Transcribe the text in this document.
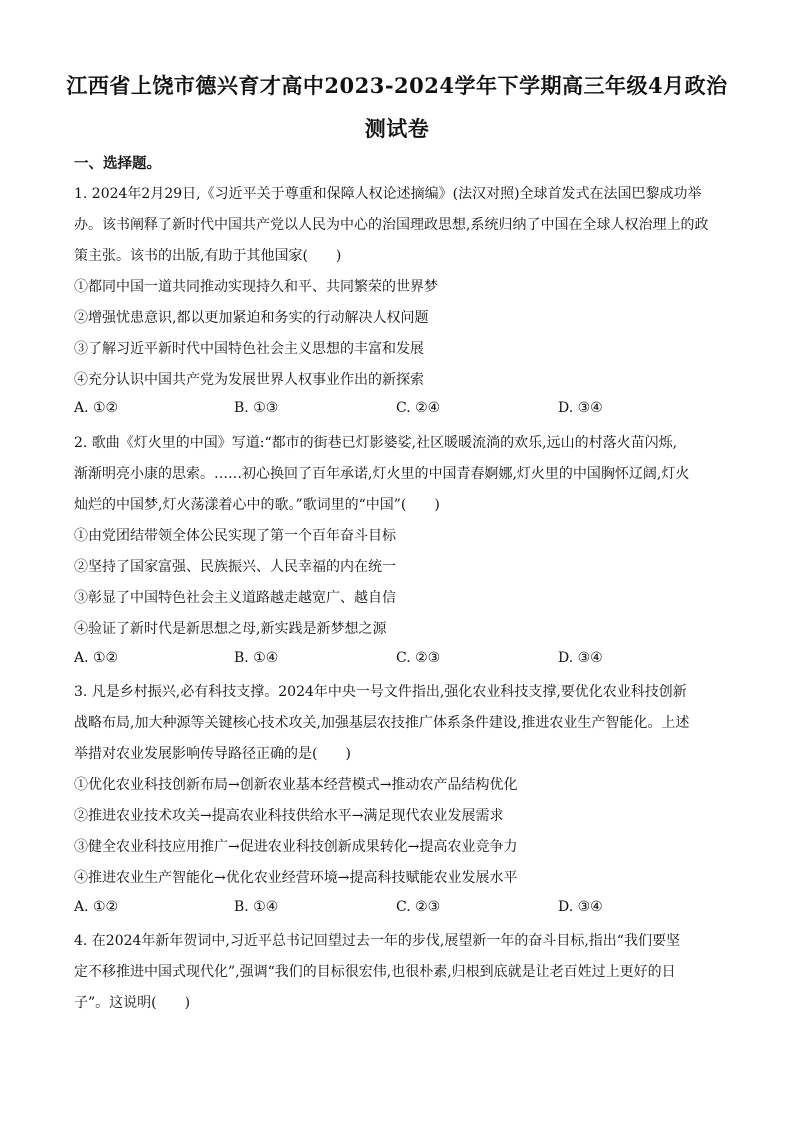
江西省上饶市德兴育才高中2023-2024学年下学期高三年级4月政治
测试卷
一、选择题。
1. 2024年2月29日,《习近平关于尊重和保障人权论述摘编》(法汉对照)全球首发式在法国巴黎成功举
办。该书阐释了新时代中国共产党以人民为中心的治国理政思想,系统归纳了中国在全球人权治理上的政
策主张。该书的出版,有助于其他国家(　　)
①都同中国一道共同推动实现持久和平、共同繁荣的世界梦
②增强忧患意识,都以更加紧迫和务实的行动解决人权问题
③了解习近平新时代中国特色社会主义思想的丰富和发展
④充分认识中国共产党为发展世界人权事业作出的新探索
A. ①②	B. ①③	C. ②④	D. ③④
2. 歌曲《灯火里的中国》写道:“都市的街巷已灯影婆娑,社区暖暖流淌的欢乐,远山的村落火苗闪烁,
渐渐明亮小康的思索。……初心换回了百年承诺,灯火里的中国青春婀娜,灯火里的中国胸怀辽阔,灯火
灿烂的中国梦,灯火荡漾着心中的歌。”歌词里的“中国”(　　)
①由党团结带领全体公民实现了第一个百年奋斗目标
②坚持了国家富强、民族振兴、人民幸福的内在统一
③彰显了中国特色社会主义道路越走越宽广、越自信
④验证了新时代是新思想之母,新实践是新梦想之源
A. ①②	B. ①④	C. ②③	D. ③④
3. 凡是乡村振兴,必有科技支撑。2024年中央一号文件指出,强化农业科技支撑,要优化农业科技创新
战略布局,加大种源等关键核心技术攻关,加强基层农技推广体系条件建设,推进农业生产智能化。上述
举措对农业发展影响传导路径正确的是(　　)
①优化农业科技创新布局→创新农业基本经营模式→推动农产品结构优化
②推进农业技术攻关→提高农业科技供给水平→满足现代农业发展需求
③健全农业科技应用推广→促进农业科技创新成果转化→提高农业竞争力
④推进农业生产智能化→优化农业经营环境→提高科技赋能农业发展水平
A. ①②	B. ①④	C. ②③	D. ③④
4. 在2024年新年贺词中,习近平总书记回望过去一年的步伐,展望新一年的奋斗目标,指出“我们要坚
定不移推进中国式现代化”,强调“我们的目标很宏伟,也很朴素,归根到底就是让老百姓过上更好的日
子”。这说明(　　)
